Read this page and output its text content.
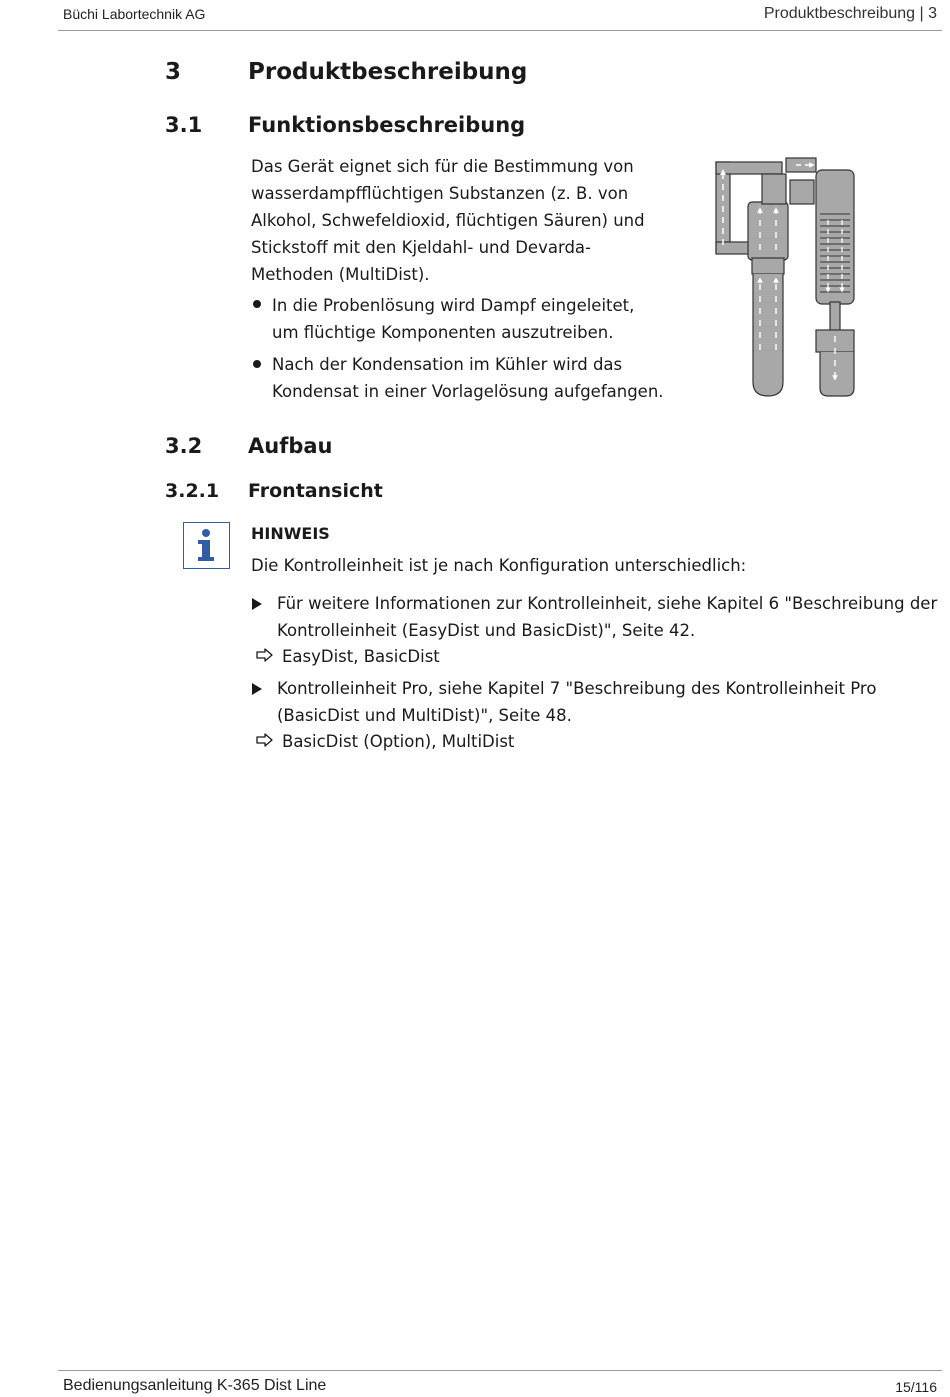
Büchi Labortechnik AG	Produktbeschreibung | 3
3	Produktbeschreibung
3.1 Funktionsbeschreibung
Das Gerät eignet sich für die Bestimmung von
wasserdampfflüchtigen Substanzen (z. B. von
Alkohol, Schwefeldioxid, flüchtigen Säuren) und
Stickstoff mit den Kjeldahl- und Devarda-
Methoden (MultiDist).
In die Probenlösung wird Dampf eingeleitet,
um flüchtige Komponenten auszutreiben.
Nach der Kondensation im Kühler wird das
Kondensat in einer Vorlagelösung aufgefangen.
3.2 Aufbau
3.2.1 Frontansicht
HINWEIS
Die Kontrolleinheit ist je nach Konfiguration unterschiedlich:
Für weitere Informationen zur Kontrolleinheit, siehe Kapitel 6 "Beschreibung der
Kontrolleinheit (EasyDist und BasicDist)", Seite 42.
EasyDist, BasicDist
Kontrolleinheit Pro, siehe Kapitel 7 "Beschreibung des Kontrolleinheit Pro
(BasicDist und MultiDist)", Seite 48.
BasicDist (Option), MultiDist
Bedienungsanleitung K-365 Dist Line	15/116
